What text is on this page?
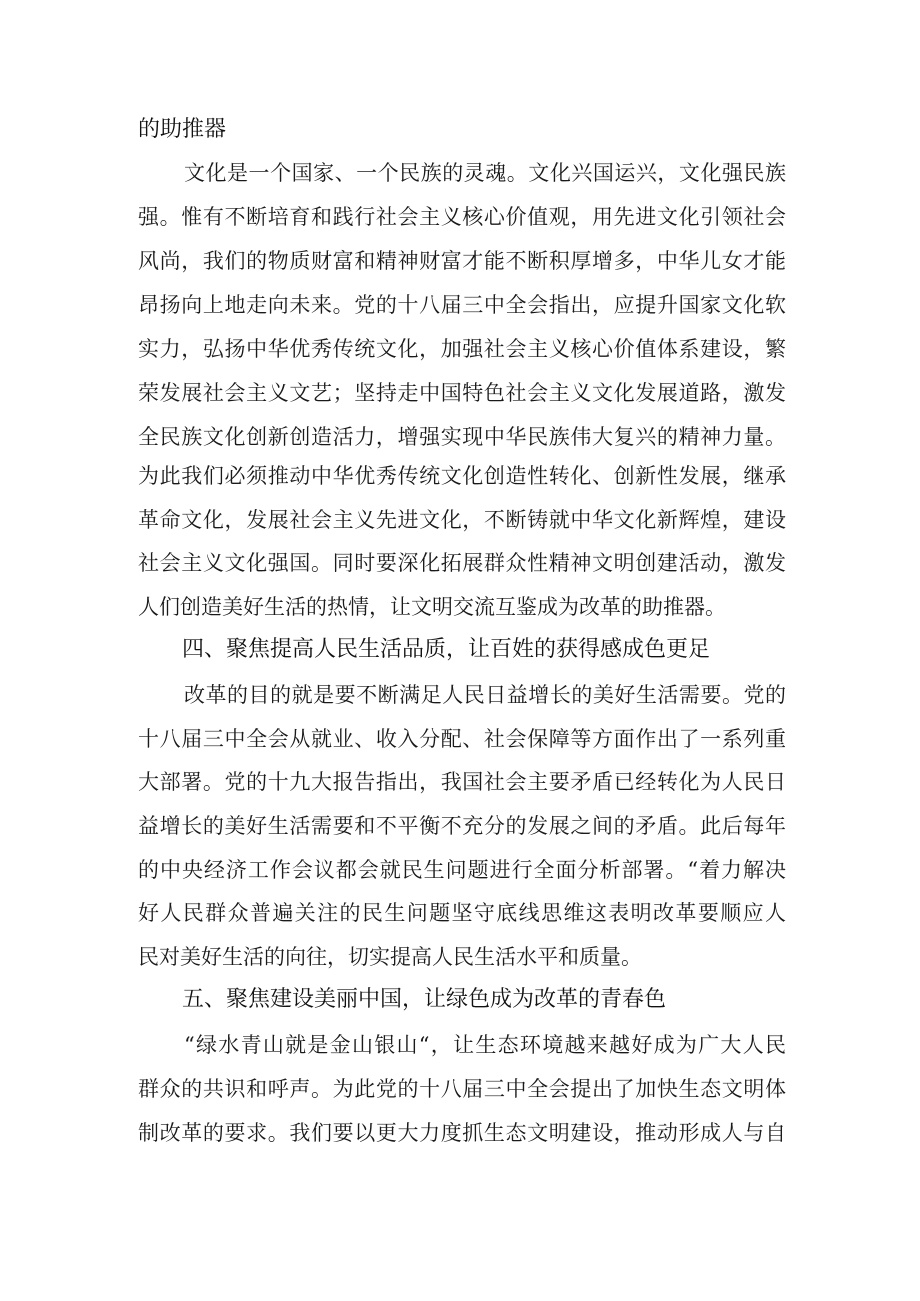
的助推器
文化是一个国家、一个民族的灵魂。文化兴国运兴，文化强民族
强。惟有不断培育和践行社会主义核心价值观，用先进文化引领社会
风尚，我们的物质财富和精神财富才能不断积厚增多，中华儿女才能
昂扬向上地走向未来。党的十八届三中全会指出，应提升国家文化软
实力，弘扬中华优秀传统文化，加强社会主义核心价值体系建设，繁
荣发展社会主义文艺；坚持走中国特色社会主义文化发展道路，激发
全民族文化创新创造活力，增强实现中华民族伟大复兴的精神力量。
为此我们必须推动中华优秀传统文化创造性转化、创新性发展，继承
革命文化，发展社会主义先进文化，不断铸就中华文化新辉煌，建设
社会主义文化强国。同时要深化拓展群众性精神文明创建活动，激发
人们创造美好生活的热情，让文明交流互鉴成为改革的助推器。
四、聚焦提高人民生活品质，让百姓的获得感成色更足
改革的目的就是要不断满足人民日益增长的美好生活需要。党的
十八届三中全会从就业、收入分配、社会保障等方面作出了一系列重
大部署。党的十九大报告指出，我国社会主要矛盾已经转化为人民日
益增长的美好生活需要和不平衡不充分的发展之间的矛盾。此后每年
的中央经济工作会议都会就民生问题进行全面分析部署。“着力解决
好人民群众普遍关注的民生问题坚守底线思维这表明改革要顺应人
民对美好生活的向往，切实提高人民生活水平和质量。
五、聚焦建设美丽中国，让绿色成为改革的青春色
“绿水青山就是金山银山“，让生态环境越来越好成为广大人民
群众的共识和呼声。为此党的十八届三中全会提出了加快生态文明体
制改革的要求。我们要以更大力度抓生态文明建设，推动形成人与自
